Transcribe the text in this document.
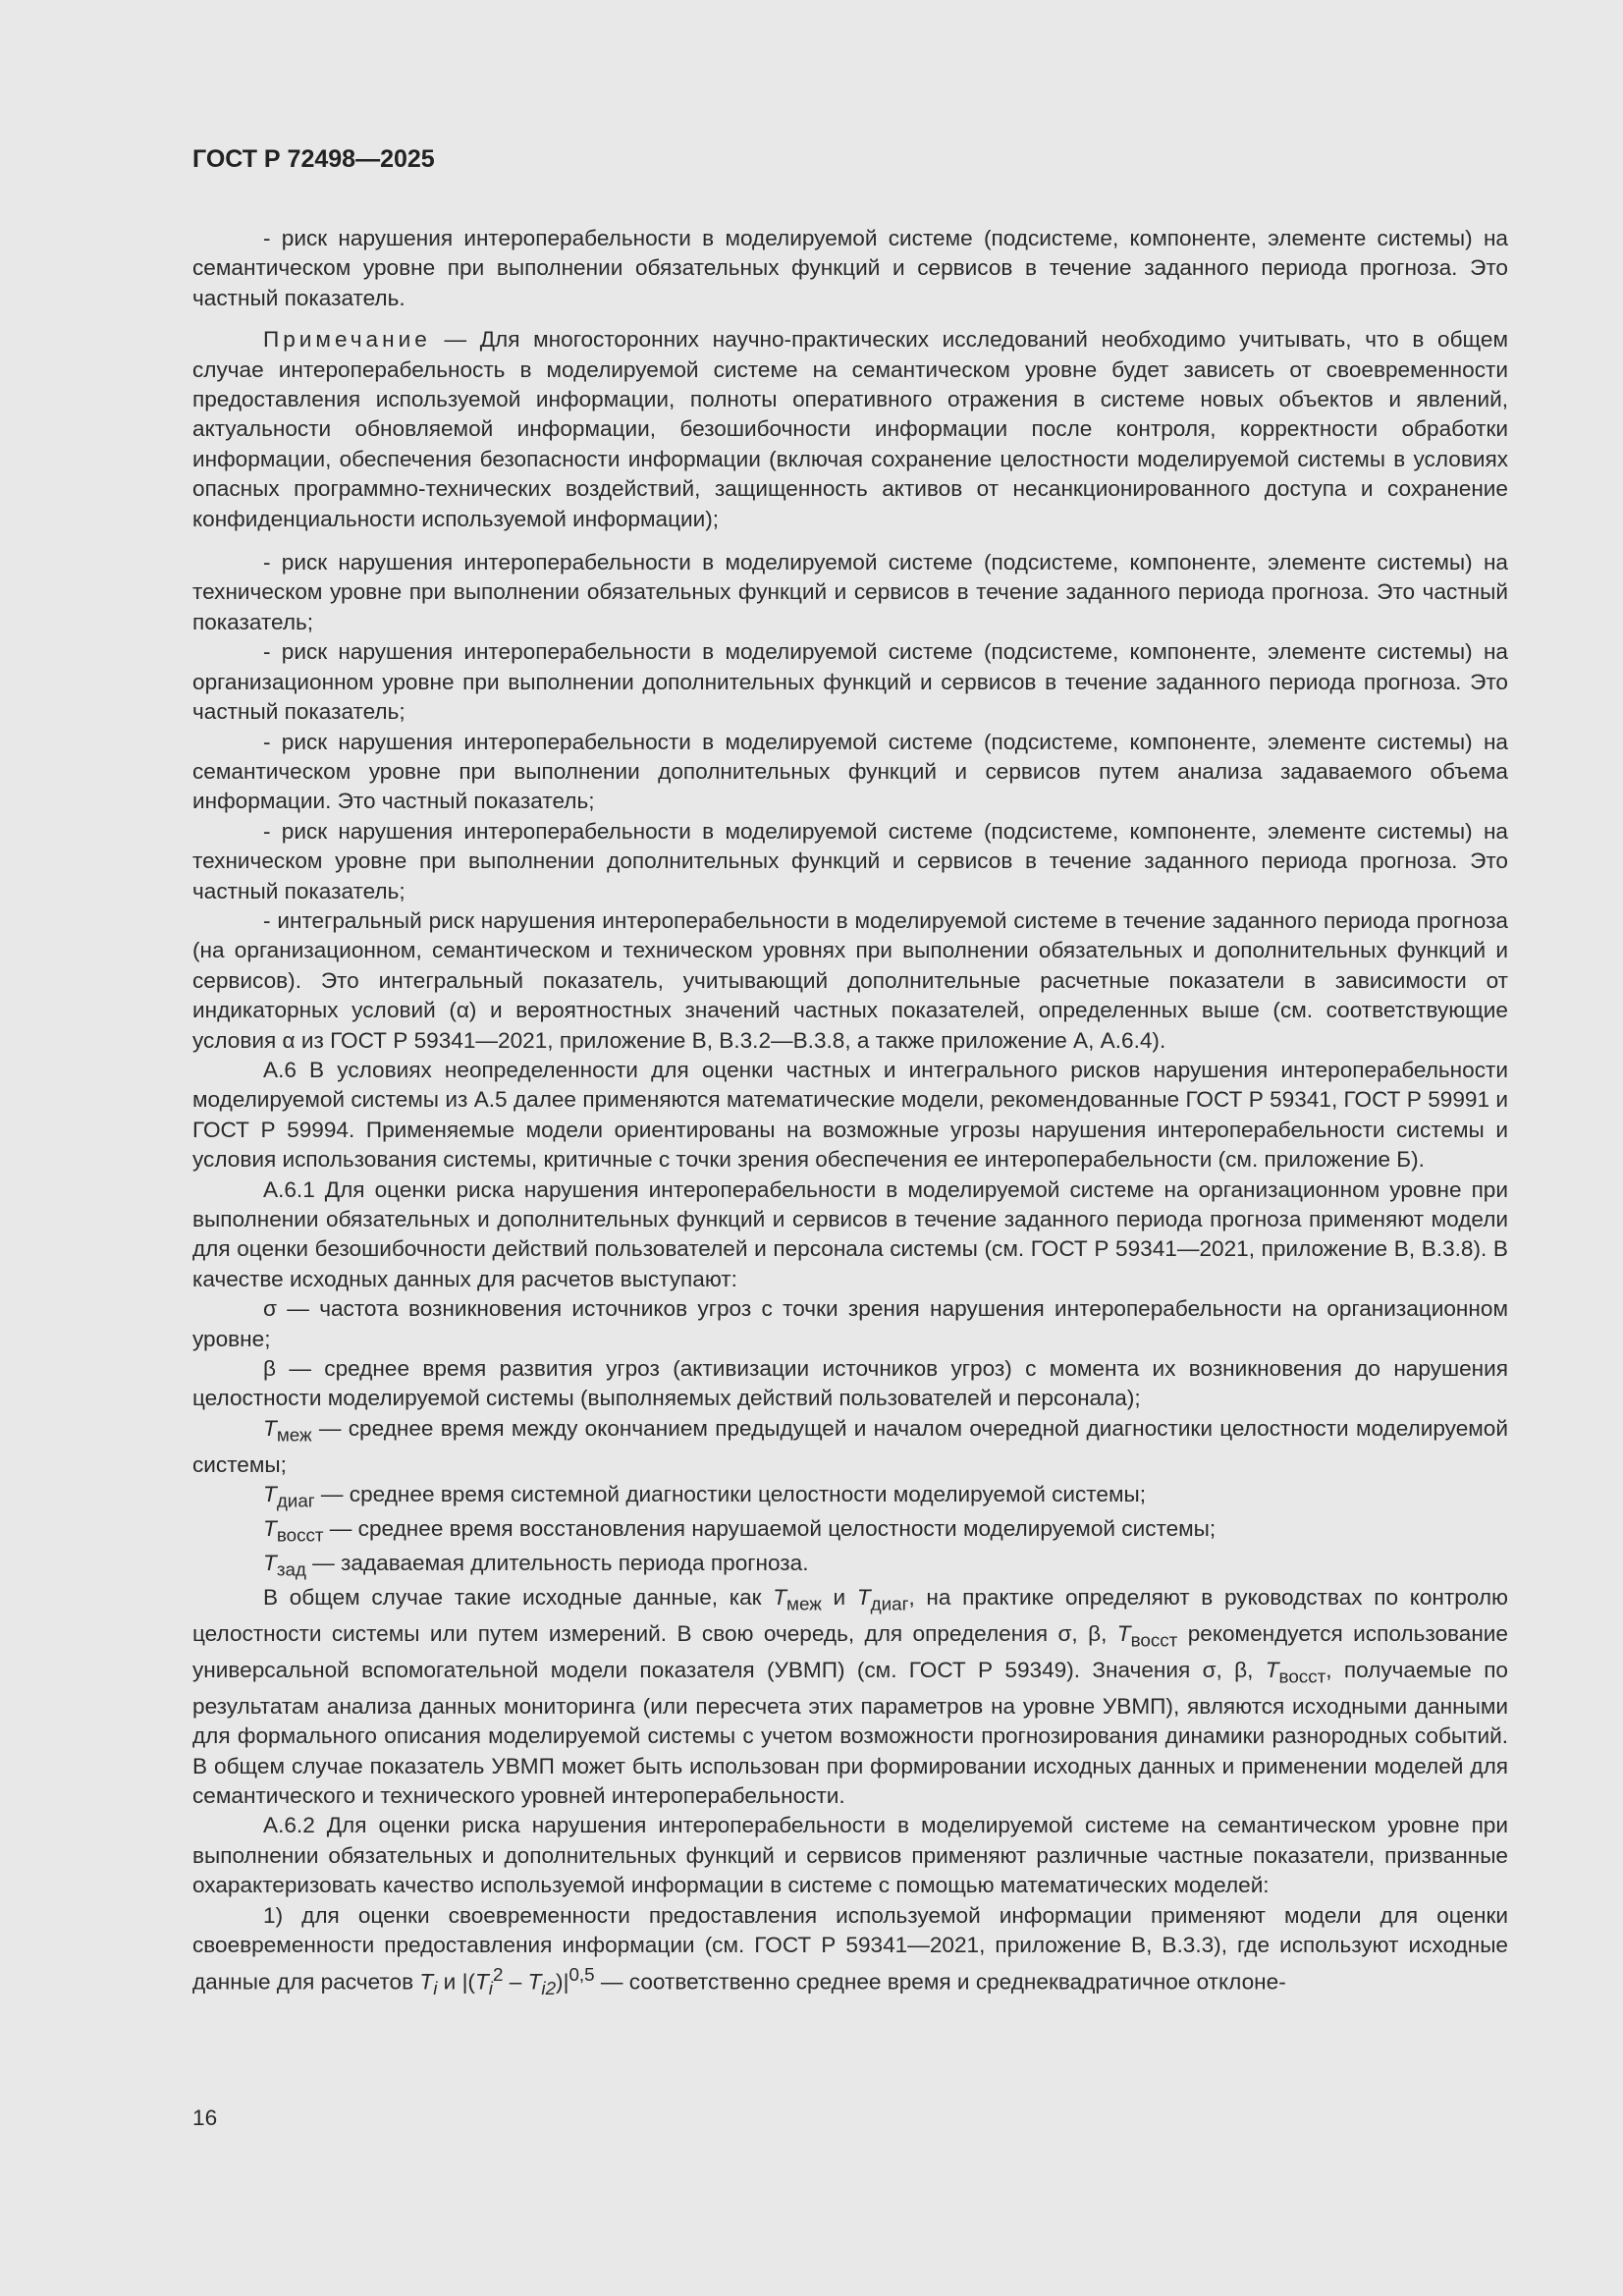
ГОСТ Р 72498—2025

- риск нарушения интероперабельности в моделируемой системе (подсистеме, компоненте, элементе системы) на семантическом уровне при выполнении обязательных функций и сервисов в течение заданного периода прогноза. Это частный показатель.

Примечание — Для многосторонних научно-практических исследований необходимо учитывать, что в общем случае интероперабельность в моделируемой системе на семантическом уровне будет зависеть от своевременности предоставления используемой информации, полноты оперативного отражения в системе новых объектов и явлений, актуальности обновляемой информации, безошибочности информации после контроля, корректности обработки информации, обеспечения безопасности информации (включая сохранение целостности моделируемой системы в условиях опасных программно-технических воздействий, защищенность активов от несанкционированного доступа и сохранение конфиденциальности используемой информации);

- риск нарушения интероперабельности в моделируемой системе (подсистеме, компоненте, элементе системы) на техническом уровне при выполнении обязательных функций и сервисов в течение заданного периода прогноза. Это частный показатель;

- риск нарушения интероперабельности в моделируемой системе (подсистеме, компоненте, элементе системы) на организационном уровне при выполнении дополнительных функций и сервисов в течение заданного периода прогноза. Это частный показатель;

- риск нарушения интероперабельности в моделируемой системе (подсистеме, компоненте, элементе системы) на семантическом уровне при выполнении дополнительных функций и сервисов путем анализа задаваемого объема информации. Это частный показатель;

- риск нарушения интероперабельности в моделируемой системе (подсистеме, компоненте, элементе системы) на техническом уровне при выполнении дополнительных функций и сервисов в течение заданного периода прогноза. Это частный показатель;

- интегральный риск нарушения интероперабельности в моделируемой системе в течение заданного периода прогноза (на организационном, семантическом и техническом уровнях при выполнении обязательных и дополнительных функций и сервисов). Это интегральный показатель, учитывающий дополнительные расчетные показатели в зависимости от индикаторных условий (α) и вероятностных значений частных показателей, определенных выше (см. соответствующие условия α из ГОСТ Р 59341—2021, приложение В, В.3.2—В.3.8, а также приложение А, А.6.4).

А.6 В условиях неопределенности для оценки частных и интегрального рисков нарушения интероперабельности моделируемой системы из А.5 далее применяются математические модели, рекомендованные ГОСТ Р 59341, ГОСТ Р 59991 и ГОСТ Р 59994. Применяемые модели ориентированы на возможные угрозы нарушения интероперабельности системы и условия использования системы, критичные с точки зрения обеспечения ее интероперабельности (см. приложение Б).

А.6.1 Для оценки риска нарушения интероперабельности в моделируемой системе на организационном уровне при выполнении обязательных и дополнительных функций и сервисов в течение заданного периода прогноза применяют модели для оценки безошибочности действий пользователей и персонала системы (см. ГОСТ Р 59341—2021, приложение В, В.3.8). В качестве исходных данных для расчетов выступают:

σ — частота возникновения источников угроз с точки зрения нарушения интероперабельности на организационном уровне;

β — среднее время развития угроз (активизации источников угроз) с момента их возникновения до нарушения целостности моделируемой системы (выполняемых действий пользователей и персонала);

$T_{меж}$ — среднее время между окончанием предыдущей и началом очередной диагностики целостности моделируемой системы;

$T_{диаг}$ — среднее время системной диагностики целостности моделируемой системы;

$T_{восст}$ — среднее время восстановления нарушаемой целостности моделируемой системы;

$T_{зад}$ — задаваемая длительность периода прогноза.

В общем случае такие исходные данные, как $T_{меж}$ и $T_{диаг}$, на практике определяют в руководствах по контролю целостности системы или путем измерений. В свою очередь, для определения σ, β, $T_{восст}$ рекомендуется использование универсальной вспомогательной модели показателя (УВМП) (см. ГОСТ Р 59349). Значения σ, β, $T_{восст}$, получаемые по результатам анализа данных мониторинга (или пересчета этих параметров на уровне УВМП), являются исходными данными для формального описания моделируемой системы с учетом возможности прогнозирования динамики разнородных событий. В общем случае показатель УВМП может быть использован при формировании исходных данных и применении моделей для семантического и технического уровней интероперабельности.

А.6.2 Для оценки риска нарушения интероперабельности в моделируемой системе на семантическом уровне при выполнении обязательных и дополнительных функций и сервисов применяют различные частные показатели, призванные охарактеризовать качество используемой информации в системе с помощью математических моделей:

1) для оценки своевременности предоставления используемой информации применяют модели для оценки своевременности предоставления информации (см. ГОСТ Р 59341—2021, приложение В, В.3.3), где используют исходные данные для расчетов $T_i$ и $|(T_i^2 - T_{i2})|^{0,5}$ — соответственно среднее время и среднеквадратичное отклоне-

16
